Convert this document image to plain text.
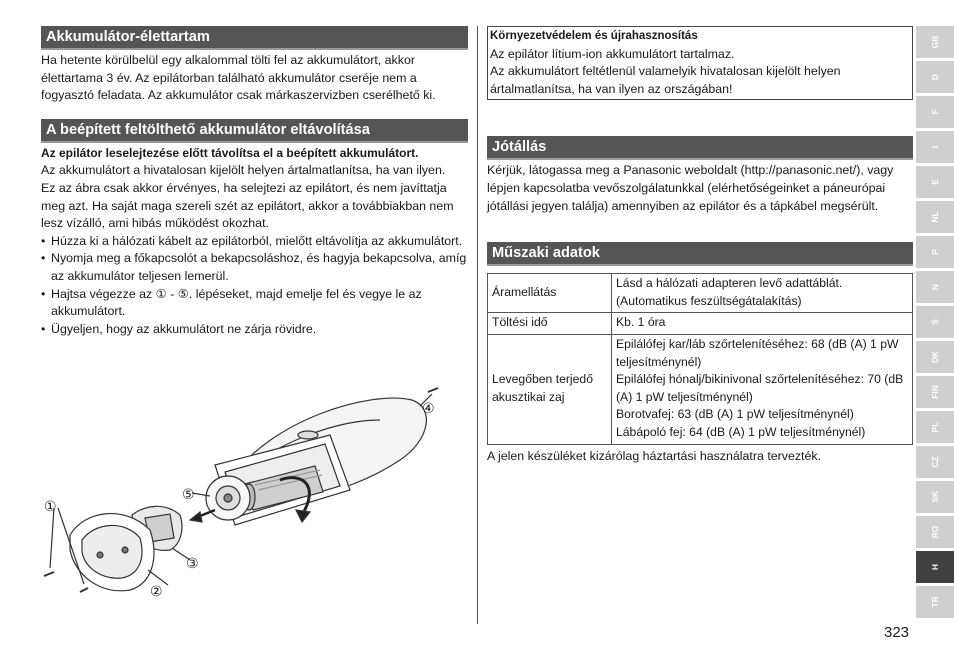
Akkumulátor-élettartam

Ha hetente körülbelül egy alkalommal tölti fel az akkumulátort, akkor élettartama 3 év. Az epilátorban található akkumulátor cseréje nem a fogyasztó feladata. Az akkumulátor csak márkaszervizben cserélhető ki.

A beépített feltölthető akkumulátor eltávolítása

Az epilátor leselejtezése előtt távolítsa el a beépített akkumulátort.

Az akkumulátort a hivatalosan kijelölt helyen ártalmatlanítsa, ha van ilyen.

Ez az ábra csak akkor érvényes, ha selejtezi az epilátort, és nem javíttatja meg azt. Ha saját maga szereli szét az epilátort, akkor a továbbiakban nem lesz vízálló, ami hibás működést okozhat.

• Húzza ki a hálózati kábelt az epilátorból, mielőtt eltávolítja az akkumulátort.
• Nyomja meg a főkapcsolót a bekapcsoláshoz, és hagyja bekapcsolva, amíg az akkumulátor teljesen lemerül.
• Hajtsa végezze az ① - ⑤. lépéseket, majd emelje fel és vegye le az akkumulátort.
• Ügyeljen, hogy az akkumulátort ne zárja rövidre.
①
②
③
④
⑤

Környezetvédelem és újrahasznosítás

Az epilátor lítium-ion akkumulátort tartalmaz.

Az akkumulátort feltétlenül valamelyik hivatalosan kijelölt helyen ártalmatlanítsa, ha van ilyen az országában!

Jótállás

Kérjük, látogassa meg a Panasonic weboldalt (http://panasonic.net/), vagy lépjen kapcsolatba vevőszolgálatunkkal (elérhetőségeinket a páneurópai jótállási jegyen találja) amennyiben az epilátor és a tápkábel megsérült.

Műszaki adatok
Áramellátás	Lásd a hálózati adapteren levő adattáblát.
(Automatikus feszültségátalakítás)

Töltési idő	Kb. 1 óra

Levegőben terjedő akusztikai zaj	Epilálófej kar/láb szőrtelenítéséhez: 68 (dB (A) 1 pW teljesítménynél)
Epilálófej hónalj/bikinivonal szőrtelenítéséhez: 70 (dB (A) 1 pW teljesítménynél)
Borotvafej: 63 (dB (A) 1 pW teljesítménynél)
Lábápoló fej: 64 (dB (A) 1 pW teljesítménynél)

A jelen készüléket kizárólag háztartási használatra tervezték.

GB
D
F
I
E
NL
P
N
S
DK
FIN
PL
CZ
SK
RO
H
TR
323
